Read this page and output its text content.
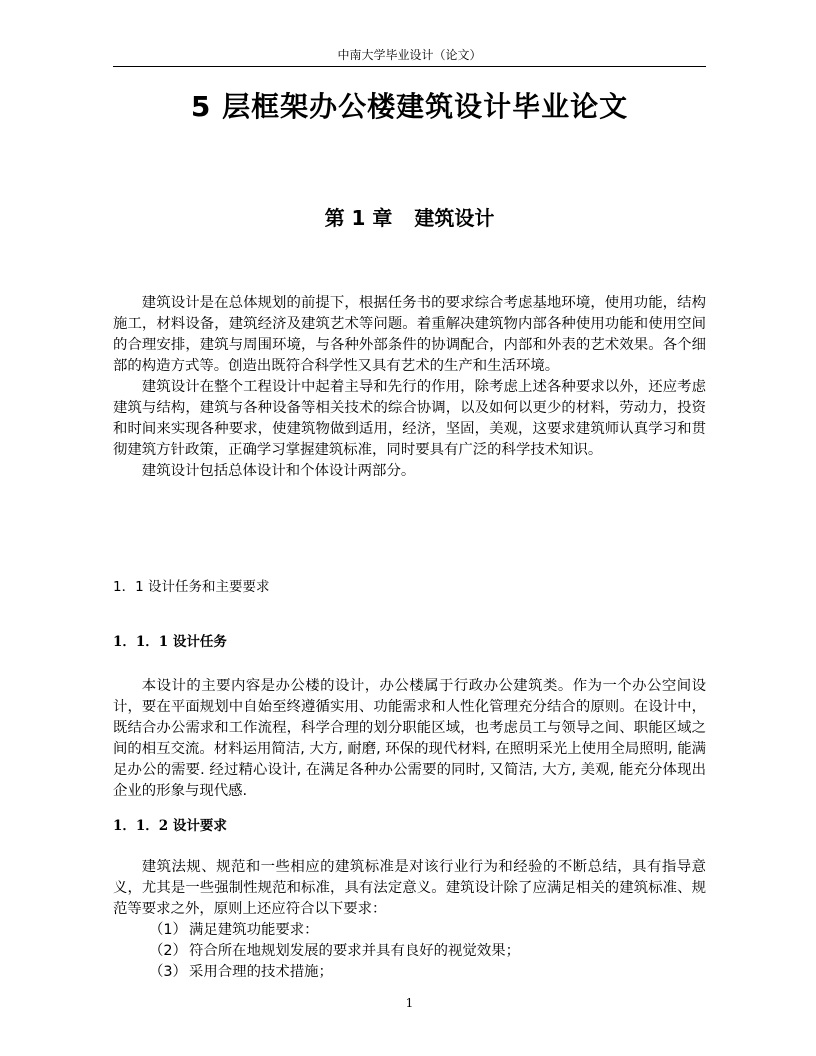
中南大学毕业设计（论文）
5 层框架办公楼建筑设计毕业论文
第 1 章 建筑设计

建筑设计是在总体规划的前提下，根据任务书的要求综合考虑基地环境，使用功能，结构施工，材料设备，建筑经济及建筑艺术等问题。着重解决建筑物内部各种使用功能和使用空间的合理安排，建筑与周围环境，与各种外部条件的协调配合，内部和外表的艺术效果。各个细部的构造方式等。创造出既符合科学性又具有艺术的生产和生活环境。

建筑设计在整个工程设计中起着主导和先行的作用，除考虑上述各种要求以外，还应考虑建筑与结构，建筑与各种设备等相关技术的综合协调，以及如何以更少的材料，劳动力，投资和时间来实现各种要求，使建筑物做到适用，经济，坚固，美观，这要求建筑师认真学习和贯彻建筑方针政策，正确学习掌握建筑标准，同时要具有广泛的科学技术知识。

建筑设计包括总体设计和个体设计两部分。

1．1 设计任务和主要要求
1．1．1 设计任务

本设计的主要内容是办公楼的设计，办公楼属于行政办公建筑类。作为一个办公空间设计，要在平面规划中自始至终遵循实用、功能需求和人性化管理充分结合的原则。在设计中，既结合办公需求和工作流程，科学合理的划分职能区域，也考虑员工与领导之间、职能区域之间的相互交流。材料运用简洁, 大方, 耐磨, 环保的现代材料, 在照明采光上使用全局照明, 能满足办公的需要. 经过精心设计, 在满足各种办公需要的同时, 又简洁, 大方, 美观, 能充分体现出企业的形象与现代感.

1．1．2 设计要求

建筑法规、规范和一些相应的建筑标准是对该行业行为和经验的不断总结，具有指导意义，尤其是一些强制性规范和标准，具有法定意义。建筑设计除了应满足相关的建筑标准、规范等要求之外，原则上还应符合以下要求：

（1） 满足建筑功能要求：

（2） 符合所在地规划发展的要求并具有良好的视觉效果；

（3） 采用合理的技术措施；

1
